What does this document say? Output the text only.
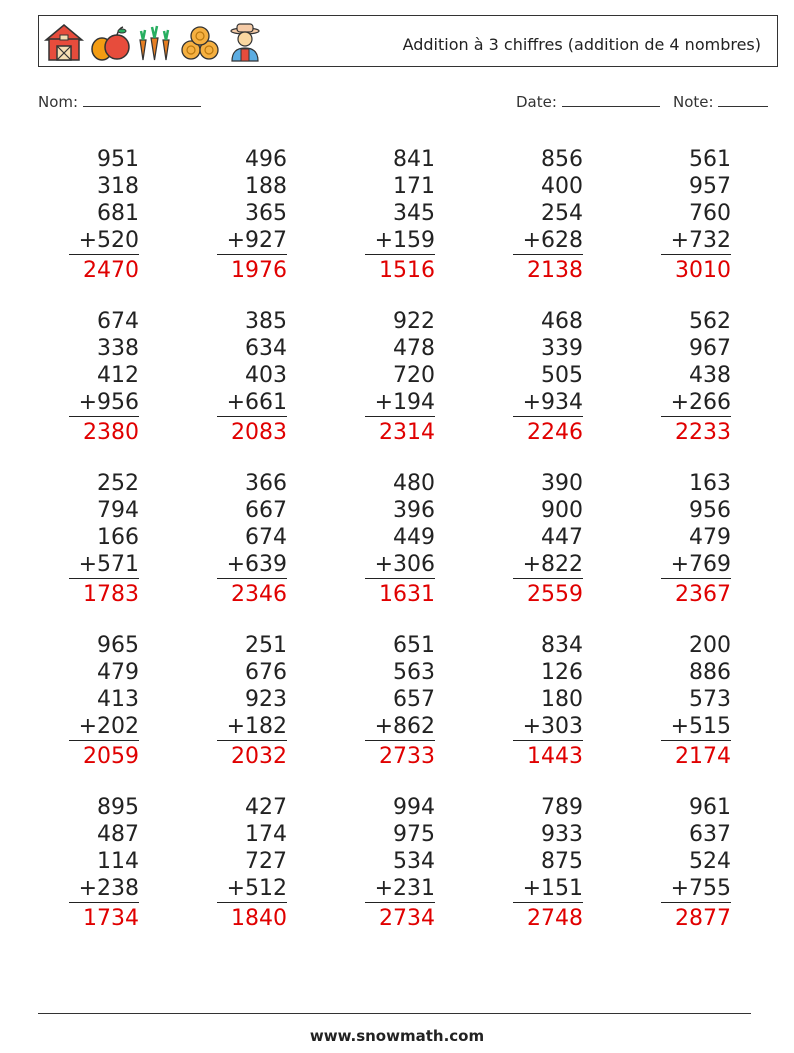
Addition à 3 chiffres (addition de 4 nombres)
Nom:	Date:	Note:
951
318
681
+520
2470
496
188
365
+927
1976
841
171
345
+159
1516
856
400
254
+628
2138
561
957
760
+732
3010
674
338
412
+956
2380
385
634
403
+661
2083
922
478
720
+194
2314
468
339
505
+934
2246
562
967
438
+266
2233
252
794
166
+571
1783
366
667
674
+639
2346
480
396
449
+306
1631
390
900
447
+822
2559
163
956
479
+769
2367
965
479
413
+202
2059
251
676
923
+182
2032
651
563
657
+862
2733
834
126
180
+303
1443
200
886
573
+515
2174
895
487
114
+238
1734
427
174
727
+512
1840
994
975
534
+231
2734
789
933
875
+151
2748
961
637
524
+755
2877
www.snowmath.com
